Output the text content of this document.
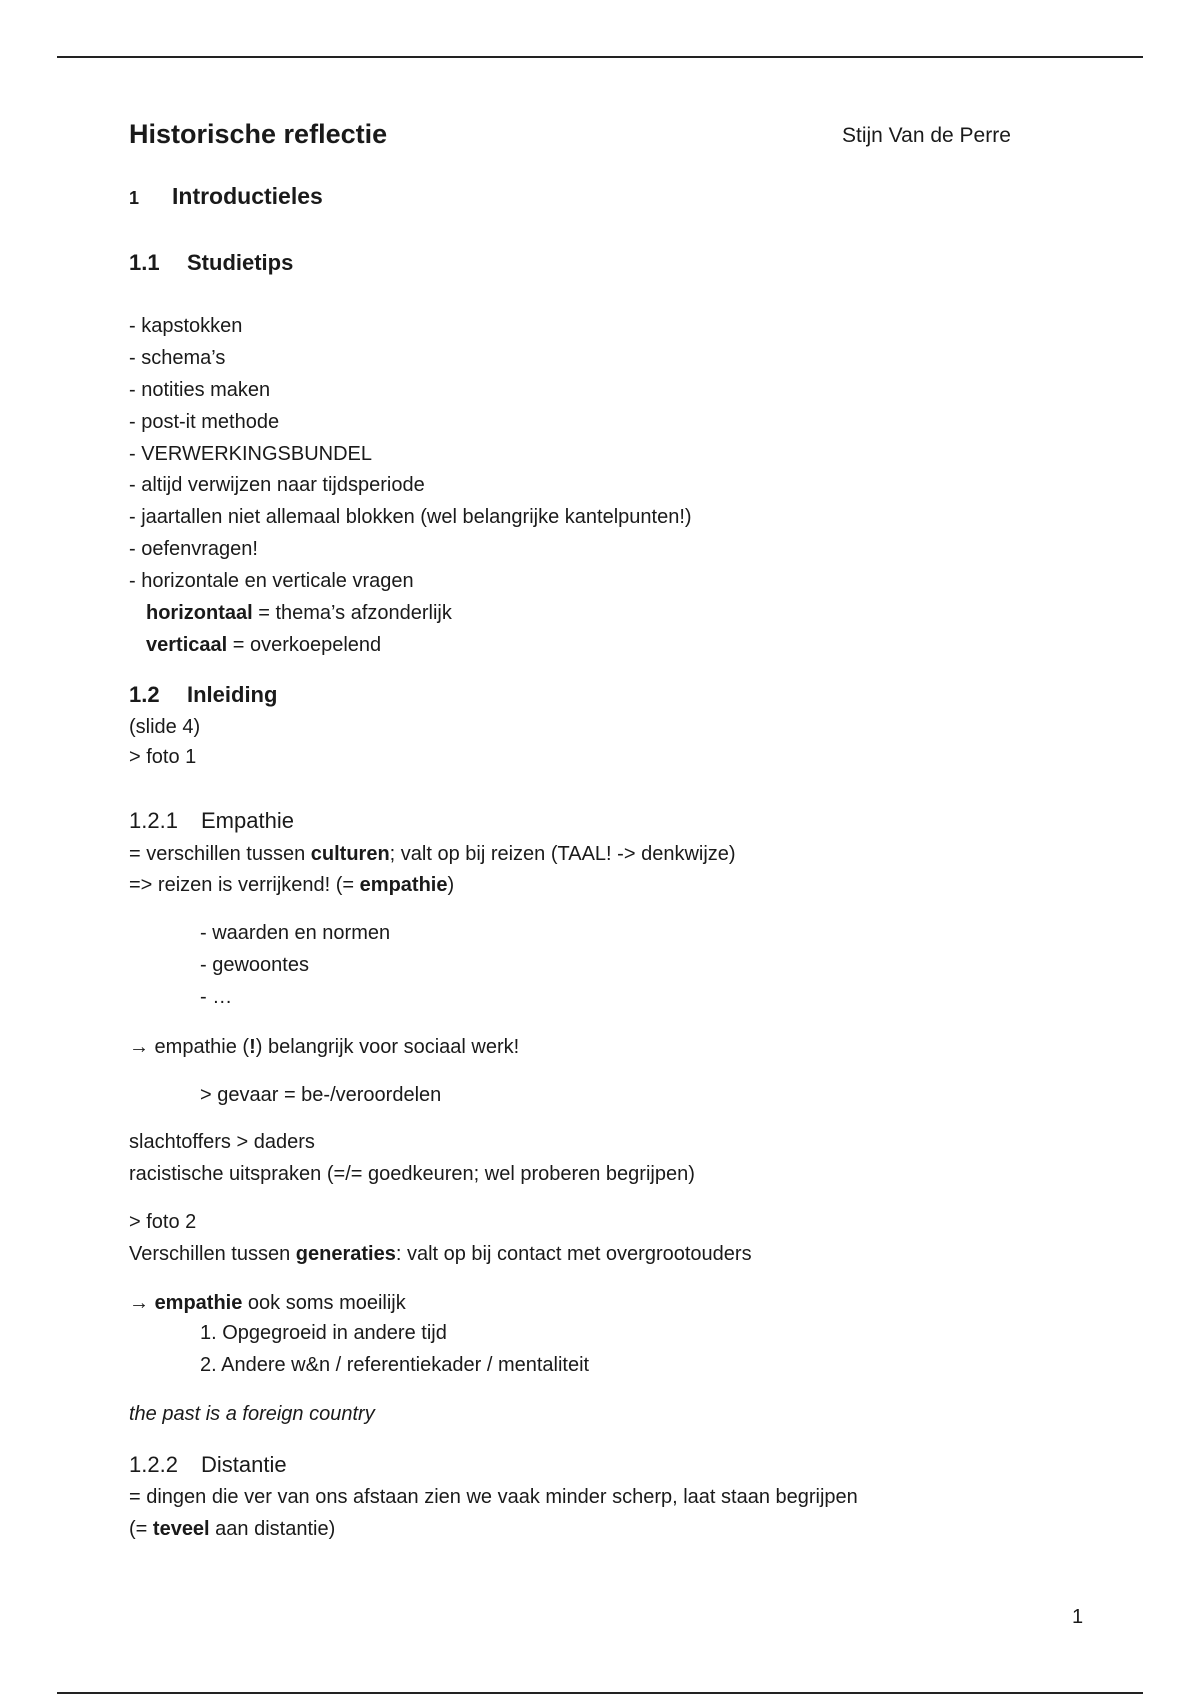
Historische reflectie	Stijn Van de Perre
1 Introductieles
1.1 Studietips
- kapstokken
- schema’s
- notities maken
- post-it methode
- VERWERKINGSBUNDEL
- altijd verwijzen naar tijdsperiode
- jaartallen niet allemaal blokken (wel belangrijke kantelpunten!)
- oefenvragen!
- horizontale en verticale vragen
horizontaal = thema’s afzonderlijk
verticaal = overkoepelend
1.2 Inleiding
(slide 4)
> foto 1
1.2.1 Empathie
= verschillen tussen culturen; valt op bij reizen (TAAL! -> denkwijze)
=> reizen is verrijkend! (= empathie)
- waarden en normen
- gewoontes
- …
→ empathie (!) belangrijk voor sociaal werk!
> gevaar = be-/veroordelen
slachtoffers > daders
racistische uitspraken (=/= goedkeuren; wel proberen begrijpen)
> foto 2
Verschillen tussen generaties: valt op bij contact met overgrootouders
→ empathie ook soms moeilijk
1. Opgegroeid in andere tijd
2. Andere w&n / referentiekader / mentaliteit
the past is a foreign country
1.2.2 Distantie
= dingen die ver van ons afstaan zien we vaak minder scherp, laat staan begrijpen
(= teveel aan distantie)
1
